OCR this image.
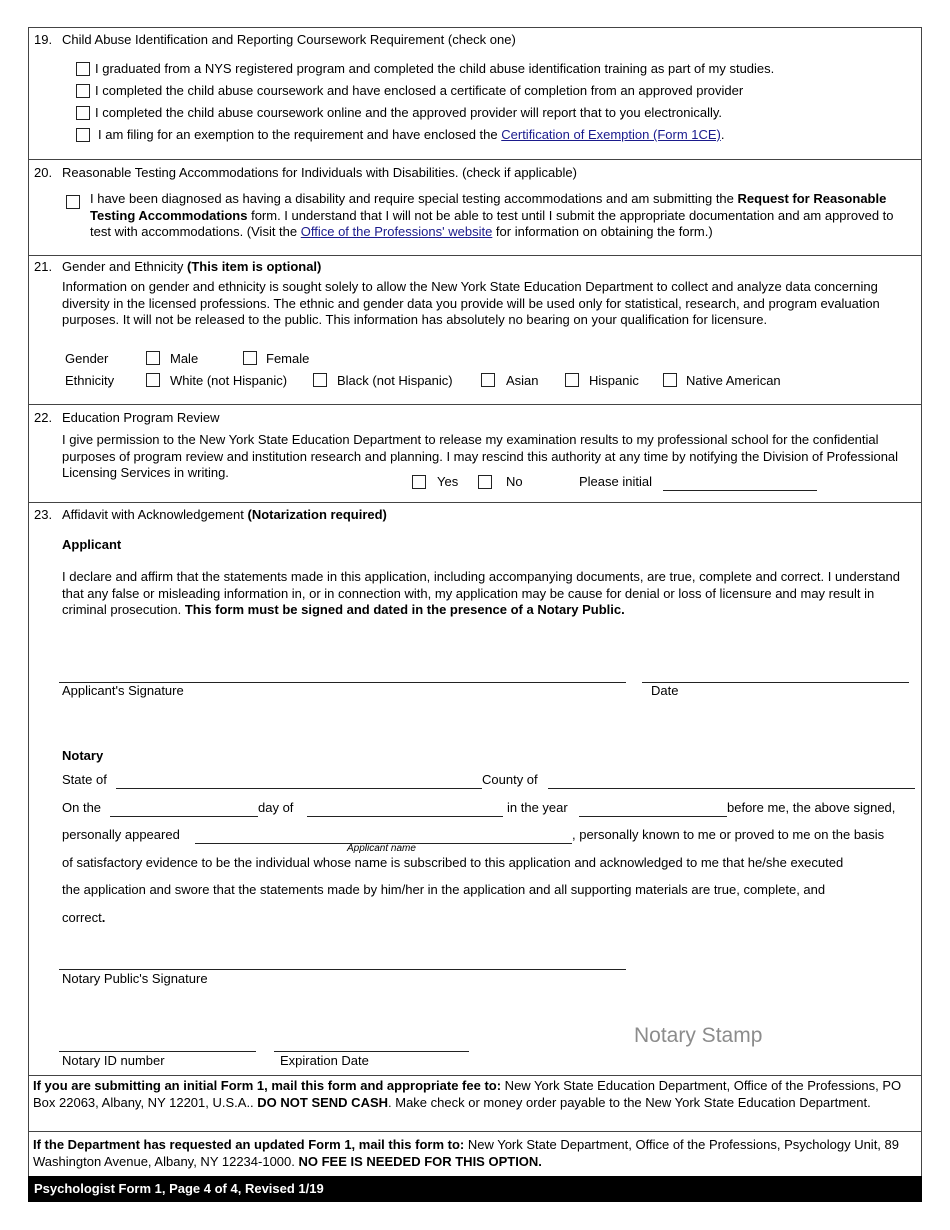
19. Child Abuse Identification and Reporting Coursework Requirement (check one)
I graduated from a NYS registered program and completed the child abuse identification training as part of my studies.
I completed the child abuse coursework and have enclosed a certificate of completion from an approved provider
I completed the child abuse coursework online and the approved provider will report that to you electronically.
I am filing for an exemption to the requirement and have enclosed the Certification of Exemption (Form 1CE).
20. Reasonable Testing Accommodations for Individuals with Disabilities. (check if applicable)
I have been diagnosed as having a disability and require special testing accommodations and am submitting the Request for Reasonable Testing Accommodations form. I understand that I will not be able to test until I submit the appropriate documentation and am approved to test with accommodations. (Visit the Office of the Professions' website for information on obtaining the form.)
21. Gender and Ethnicity (This item is optional)
Information on gender and ethnicity is sought solely to allow the New York State Education Department to collect and analyze data concerning diversity in the licensed professions. The ethnic and gender data you provide will be used only for statistical, research, and program evaluation purposes. It will not be released to the public. This information has absolutely no bearing on your qualification for licensure.
Gender	Male	Female
Ethnicity	White (not Hispanic)	Black (not Hispanic)	Asian	Hispanic	Native American
22. Education Program Review
I give permission to the New York State Education Department to release my examination results to my professional school for the confidential purposes of program review and institution research and planning. I may rescind this authority at any time by notifying the Division of Professional Licensing Services in writing.
Yes	No	Please initial
23. Affidavit with Acknowledgement (Notarization required)
Applicant
I declare and affirm that the statements made in this application, including accompanying documents, are true, complete and correct. I understand that any false or misleading information in, or in connection with, my application may be cause for denial or loss of licensure and may result in criminal prosecution. This form must be signed and dated in the presence of a Notary Public.
Applicant's Signature	Date
Notary
State of	County of
On the	day of	in the year	before me, the above signed,
personally appeared
Applicant name
, personally known to me or proved to me on the basis
of satisfactory evidence to be the individual whose name is subscribed to this application and acknowledged to me that he/she executed
the application and swore that the statements made by him/her in the application and all supporting materials are true, complete, and
correct.
Notary Public's Signature
Notary Stamp
Notary ID number	Expiration Date
If you are submitting an initial Form 1, mail this form and appropriate fee to: New York State Education Department, Office of the Professions, PO Box 22063, Albany, NY 12201, U.S.A.. DO NOT SEND CASH. Make check or money order payable to the New York State Education Department.
If the Department has requested an updated Form 1, mail this form to: New York State Department, Office of the Professions, Psychology Unit, 89 Washington Avenue, Albany, NY 12234-1000. NO FEE IS NEEDED FOR THIS OPTION.
Psychologist Form 1, Page 4 of 4, Revised 1/19
